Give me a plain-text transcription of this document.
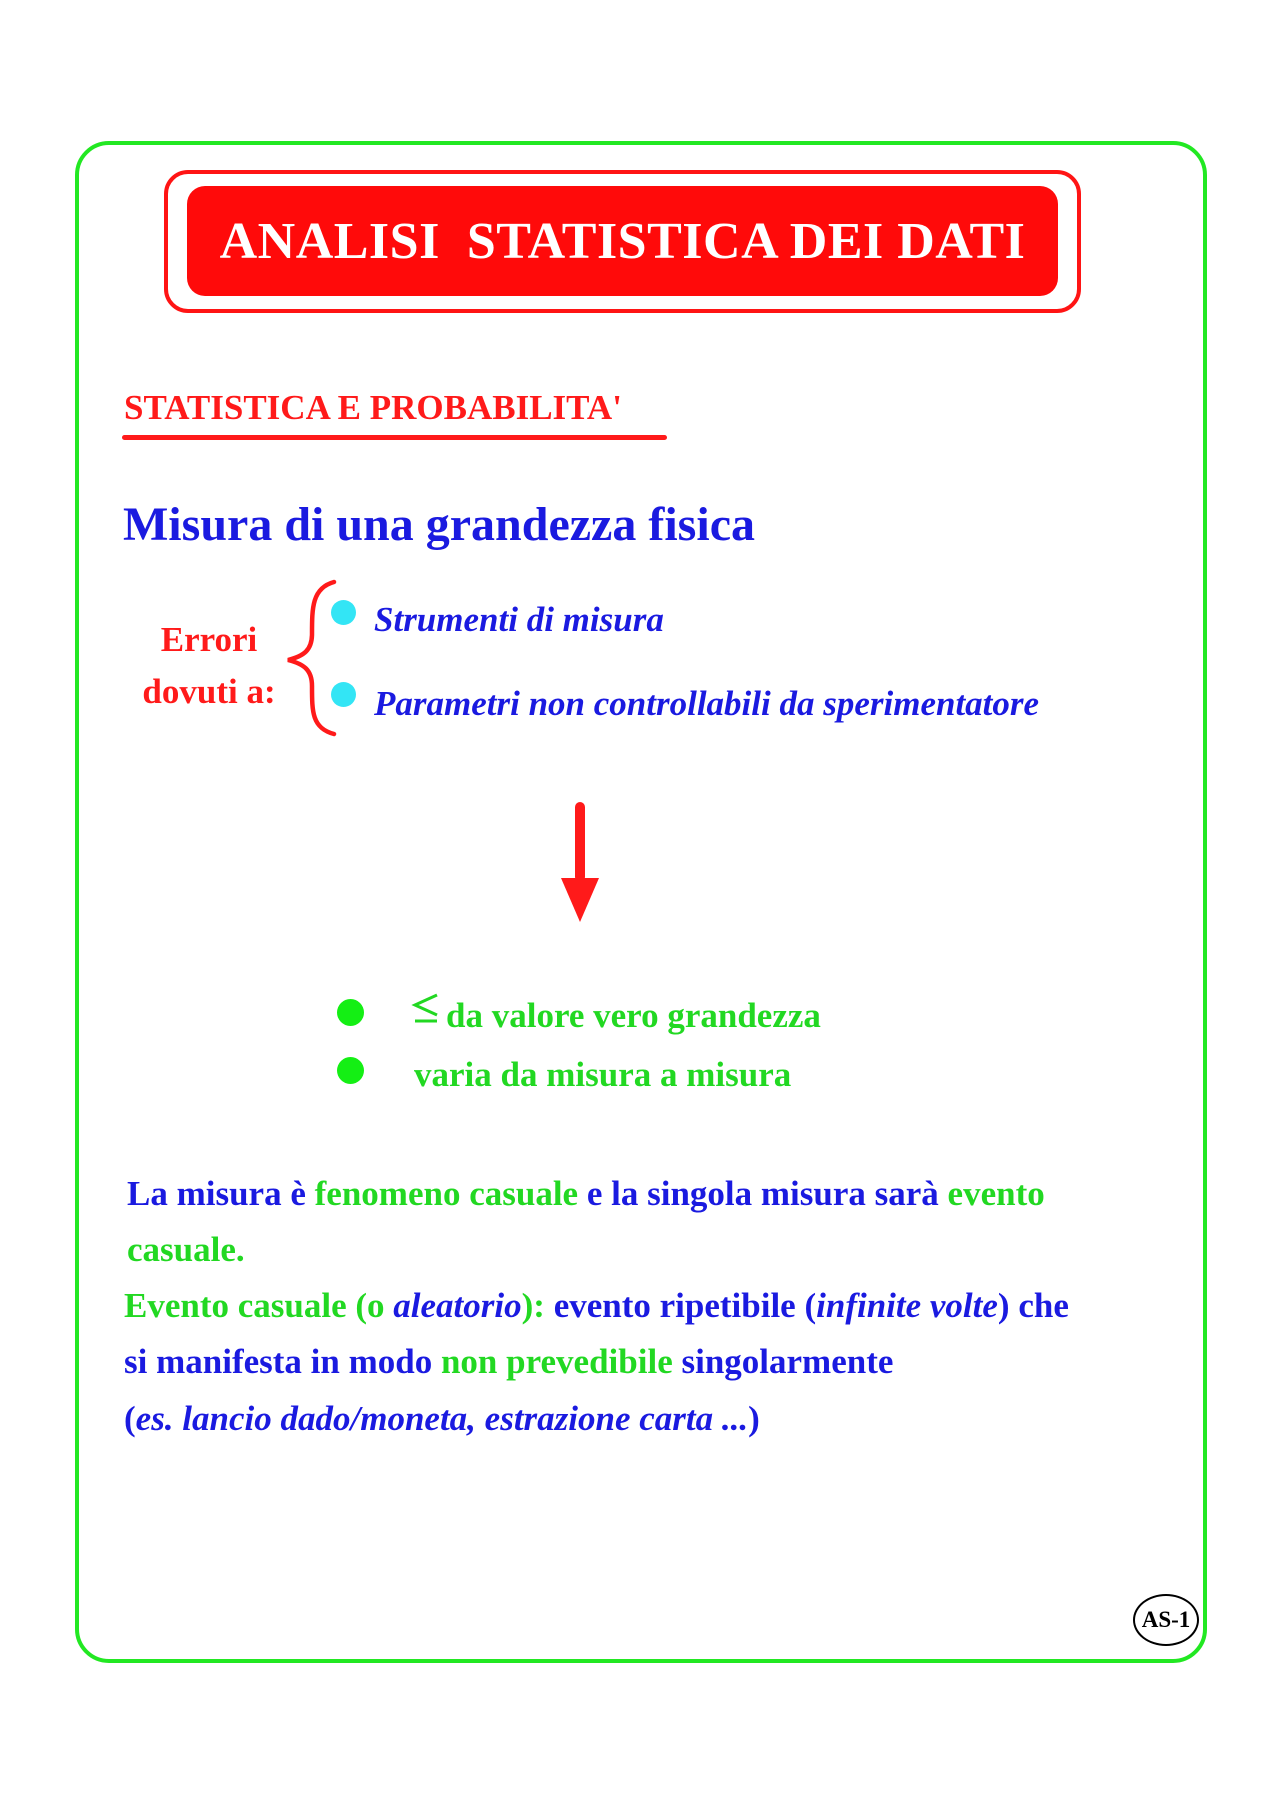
ANALISI  STATISTICA DEI DATI
STATISTICA E PROBABILITA'
Misura di una grandezza fisica
Errori
dovuti a:
Strumenti di misura
Parametri non controllabili da sperimentatore
da valore vero grandezza
varia da misura a misura
La misura è fenomeno casuale e la singola misura sarà evento
casuale.
Evento casuale (o aleatorio): evento ripetibile (infinite volte) che
si manifesta in modo non prevedibile singolarmente
(es. lancio dado/moneta, estrazione carta ...)
AS-1
